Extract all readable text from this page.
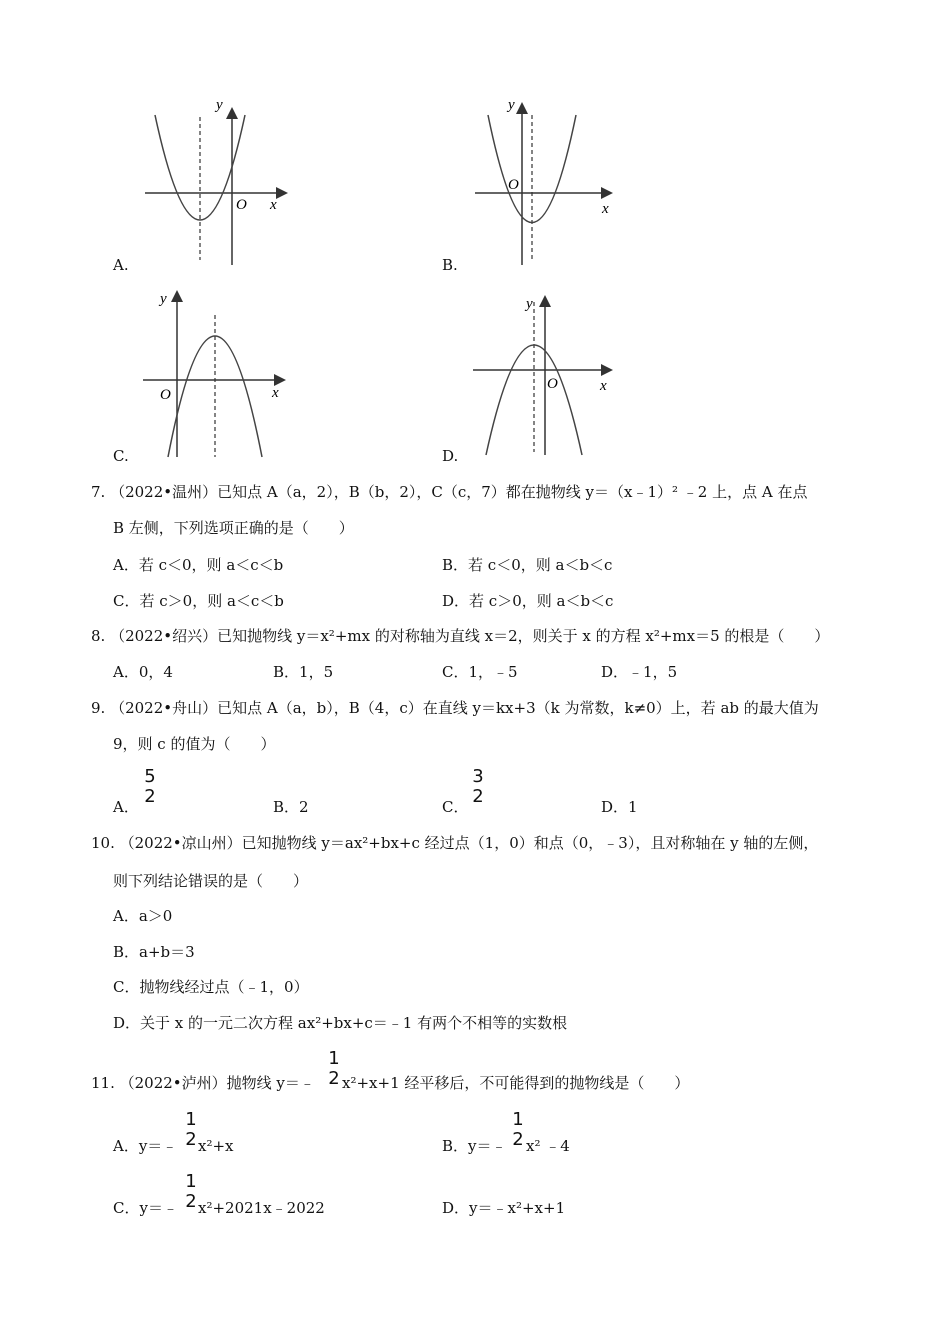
A.
y
O x
B.
y
O
x
C.
y
O	x
D.
y
O	x
7. （2022•温州）已知点 A（a，2），B（b，2），C（c，7）都在抛物线 y＝（x﹣1）² ﹣2 上，点 A 在点
B 左侧，下列选项正确的是（　　）
A．若 c＜0，则 a＜c＜b	B．若 c＜0，则 a＜b＜c
C．若 c＞0，则 a＜c＜b	D．若 c＞0，则 a＜b＜c
8. （2022•绍兴）已知抛物线 y＝x²+mx 的对称轴为直线 x＝2，则关于 x 的方程 x²+mx＝5 的根是（　　）
A．0，4	B．1，5	C．1，﹣5	D．﹣1，5
9. （2022•舟山）已知点 A（a，b），B（4，c）在直线 y＝kx+3（k 为常数，k≠0）上，若 ab 的最大值为
9，则 c 的值为（　　）
A．
5
2	B．2	C．
3
2	D．1
10. （2022•凉山州）已知抛物线 y＝ax²+bx+c 经过点（1，0）和点（0，﹣3），且对称轴在 y 轴的左侧，
则下列结论错误的是（　　）
A．a＞0
B．a+b＝3
C．抛物线经过点（﹣1，0）
D．关于 x 的一元二次方程 ax²+bx+c＝﹣1 有两个不相等的实数根
11. （2022•泸州）抛物线 y＝﹣
1
2 x²+x+1 经平移后，不可能得到的抛物线是（　　）
A．y＝﹣
1
2 x²+x	B．y＝﹣
1
2 x² ﹣4
C．y＝﹣
1
2 x²+2021x﹣2022	D．y＝﹣x²+x+1
